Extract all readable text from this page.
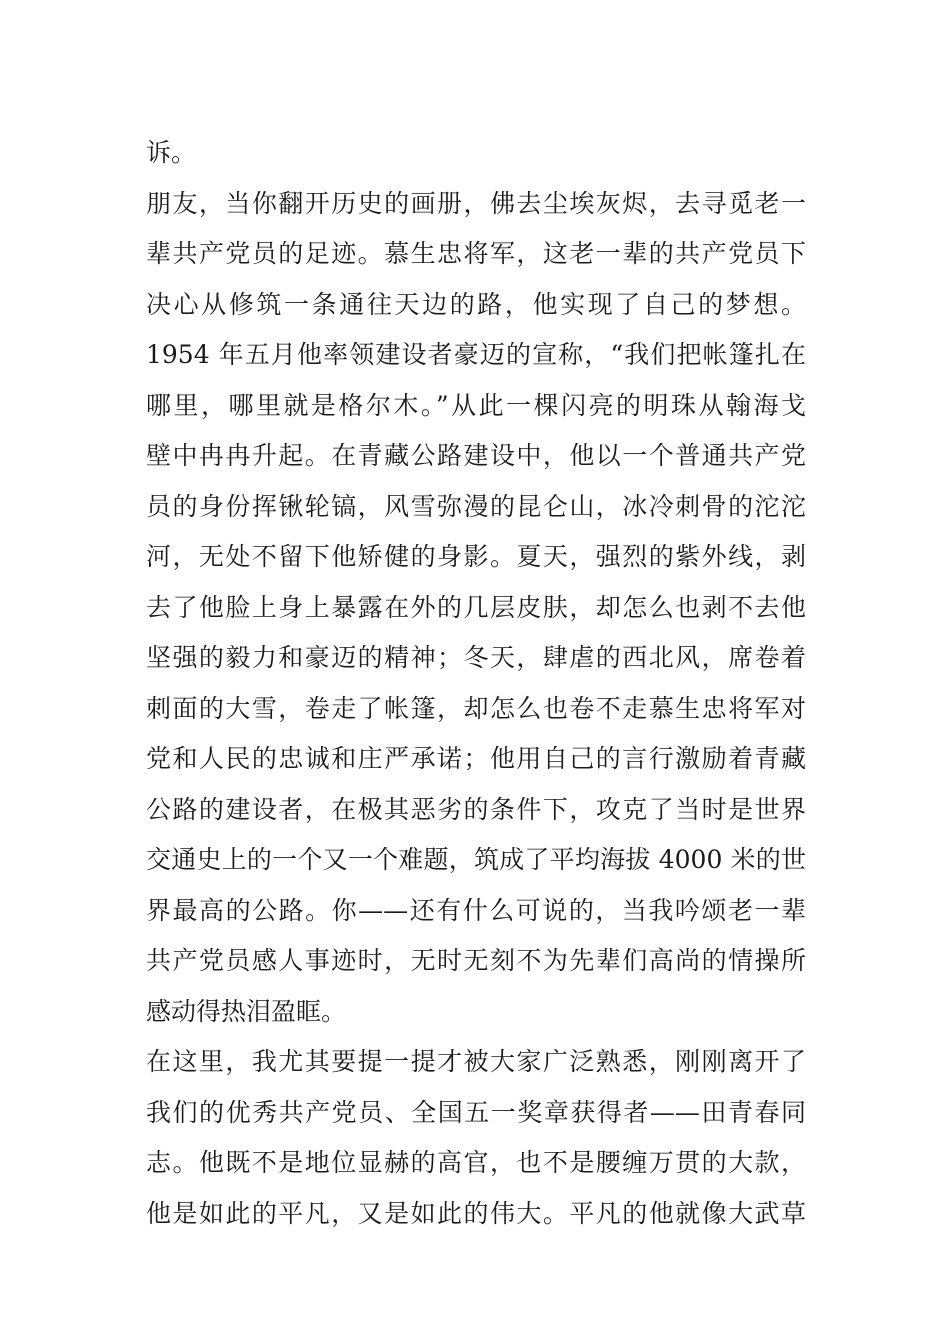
诉。
朋友，当你翻开历史的画册，佛去尘埃灰烬，去寻觅老一
辈共产党员的足迹。慕生忠将军，这老一辈的共产党员下
决心从修筑一条通往天边的路，他实现了自己的梦想。
1954 年五月他率领建设者豪迈的宣称，“我们把帐篷扎在
哪里，哪里就是格尔木。”从此一棵闪亮的明珠从翰海戈
壁中冉冉升起。在青藏公路建设中，他以一个普通共产党
员的身份挥锹轮镐，风雪弥漫的昆仑山，冰冷刺骨的沱沱
河，无处不留下他矫健的身影。夏天，强烈的紫外线，剥
去了他脸上身上暴露在外的几层皮肤，却怎么也剥不去他
坚强的毅力和豪迈的精神；冬天，肆虐的西北风，席卷着
刺面的大雪，卷走了帐篷，却怎么也卷不走慕生忠将军对
党和人民的忠诚和庄严承诺；他用自己的言行激励着青藏
公路的建设者，在极其恶劣的条件下，攻克了当时是世界
交通史上的一个又一个难题，筑成了平均海拔 4000 米的世
界最高的公路。你——还有什么可说的，当我吟颂老一辈
共产党员感人事迹时，无时无刻不为先辈们高尚的情操所
感动得热泪盈眶。
在这里，我尤其要提一提才被大家广泛熟悉，刚刚离开了
我们的优秀共产党员、全国五一奖章获得者——田青春同
志。他既不是地位显赫的高官，也不是腰缠万贯的大款，
他是如此的平凡，又是如此的伟大。平凡的他就像大武草
